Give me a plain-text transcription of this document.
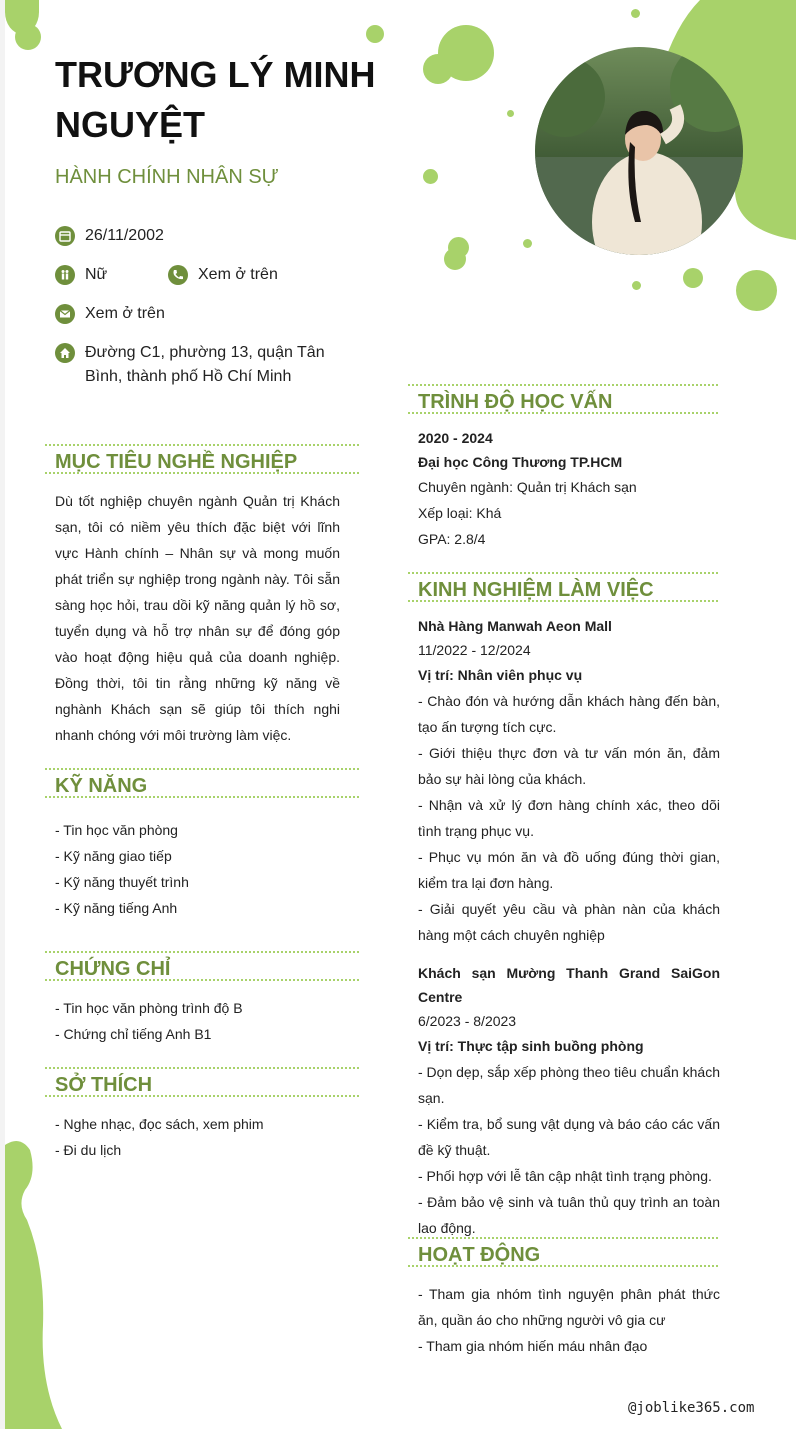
TRƯƠNG LÝ MINH NGUYỆT
HÀNH CHÍNH NHÂN SỰ
26/11/2002
Nữ	Xem ở trên
Xem ở trên
Đường C1, phường 13, quận Tân Bình, thành phố Hồ Chí Minh
MỤC TIÊU NGHỀ NGHIỆP
Dù tốt nghiệp chuyên ngành Quản trị Khách sạn, tôi có niềm yêu thích đặc biệt với lĩnh vực Hành chính – Nhân sự và mong muốn phát triển sự nghiệp trong ngành này. Tôi sẵn sàng học hỏi, trau dồi kỹ năng quản lý hồ sơ, tuyển dụng và hỗ trợ nhân sự để đóng góp vào hoạt động hiệu quả của doanh nghiệp. Đồng thời, tôi tin rằng những kỹ năng về nghành Khách sạn sẽ giúp tôi thích nghi nhanh chóng với môi trường làm việc.
KỸ NĂNG
- Tin học văn phòng
- Kỹ năng giao tiếp
- Kỹ năng thuyết trình
- Kỹ năng tiếng Anh
CHỨNG CHỈ
- Tin học văn phòng trình độ B
- Chứng chỉ tiếng Anh B1
SỞ THÍCH
- Nghe nhạc, đọc sách, xem phim
- Đi du lịch
TRÌNH ĐỘ HỌC VẤN
2020 - 2024
Đại học Công Thương TP.HCM
Chuyên ngành: Quản trị Khách sạn
Xếp loại: Khá
GPA: 2.8/4
KINH NGHIỆM LÀM VIỆC
Nhà Hàng Manwah Aeon Mall
11/2022 - 12/2024
Vị trí: Nhân viên phục vụ
- Chào đón và hướng dẫn khách hàng đến bàn, tạo ấn tượng tích cực.
- Giới thiệu thực đơn và tư vấn món ăn, đảm bảo sự hài lòng của khách.
- Nhận và xử lý đơn hàng chính xác, theo dõi tình trạng phục vụ.
- Phục vụ món ăn và đồ uống đúng thời gian, kiểm tra lại đơn hàng.
- Giải quyết yêu cầu và phàn nàn của khách hàng một cách chuyên nghiệp
Khách sạn Mường Thanh Grand SaiGon Centre
6/2023 - 8/2023
Vị trí: Thực tập sinh buồng phòng
- Dọn dẹp, sắp xếp phòng theo tiêu chuẩn khách sạn.
- Kiểm tra, bổ sung vật dụng và báo cáo các vấn đề kỹ thuật.
- Phối hợp với lễ tân cập nhật tình trạng phòng.
- Đảm bảo vệ sinh và tuân thủ quy trình an toàn lao động.
HOẠT ĐỘNG
- Tham gia nhóm tình nguyện phân phát thức ăn, quần áo cho những người vô gia cư
- Tham gia nhóm hiến máu nhân đạo
@joblike365.com
